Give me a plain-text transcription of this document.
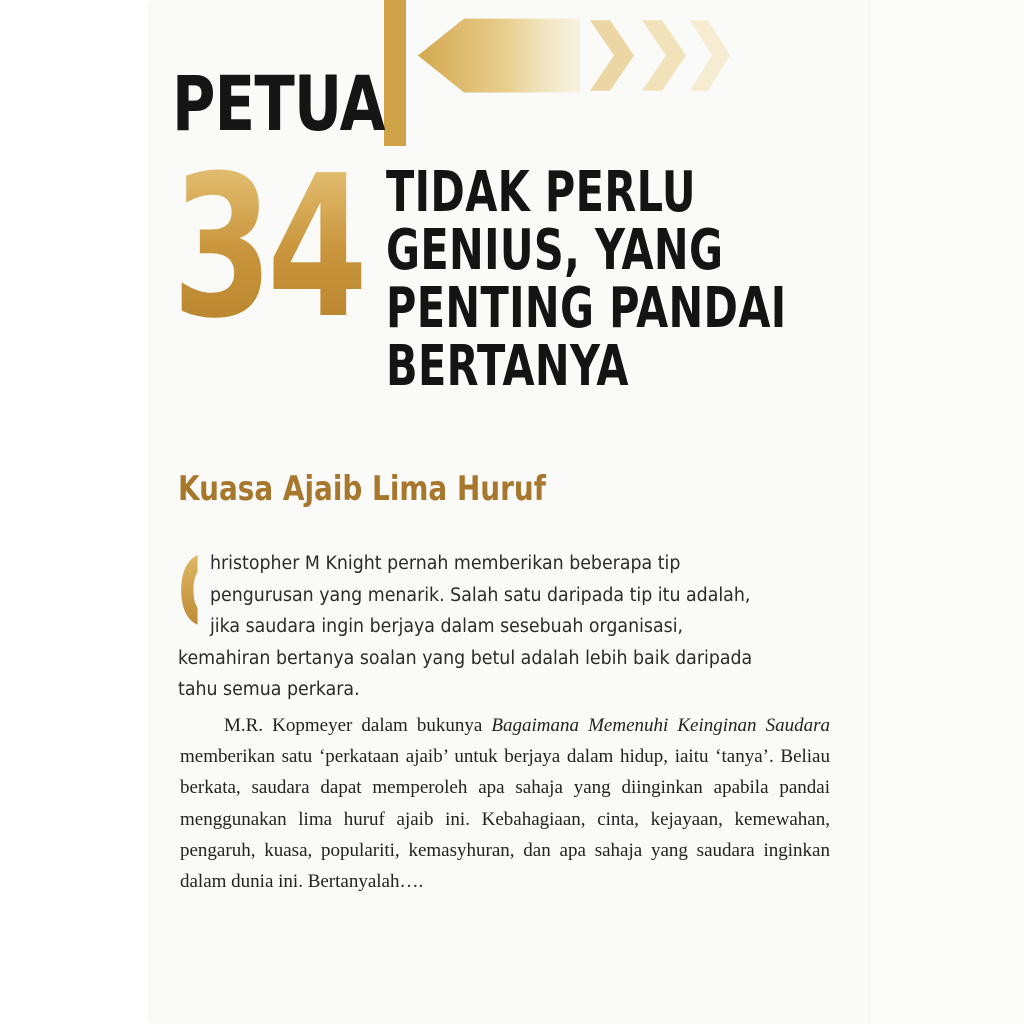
PETUA
34 TIDAK PERLU
GENIUS, YANG
PENTING PANDAI
BERTANYA
Kuasa Ajaib Lima Huruf
C
hristopher M Knight pernah memberikan beberapa tip pengurusan yang menarik. Salah satu daripada tip itu adalah, jika saudara ingin berjaya dalam sesebuah organisasi, kemahiran bertanya soalan yang betul adalah lebih baik daripada tahu semua perkara.
M.R. Kopmeyer dalam bukunya Bagaimana Memenuhi Keinginan Saudara memberikan satu ‘perkataan ajaib’ untuk berjaya dalam hidup, iaitu ‘tanya’. Beliau berkata, saudara dapat memperoleh apa sahaja yang diinginkan apabila pandai menggunakan lima huruf ajaib ini. Kebahagiaan, cinta, kejayaan, kemewahan, pengaruh, kuasa, populariti, kemasyhuran, dan apa sahaja yang saudara inginkan dalam dunia ini. Bertanyalah….
